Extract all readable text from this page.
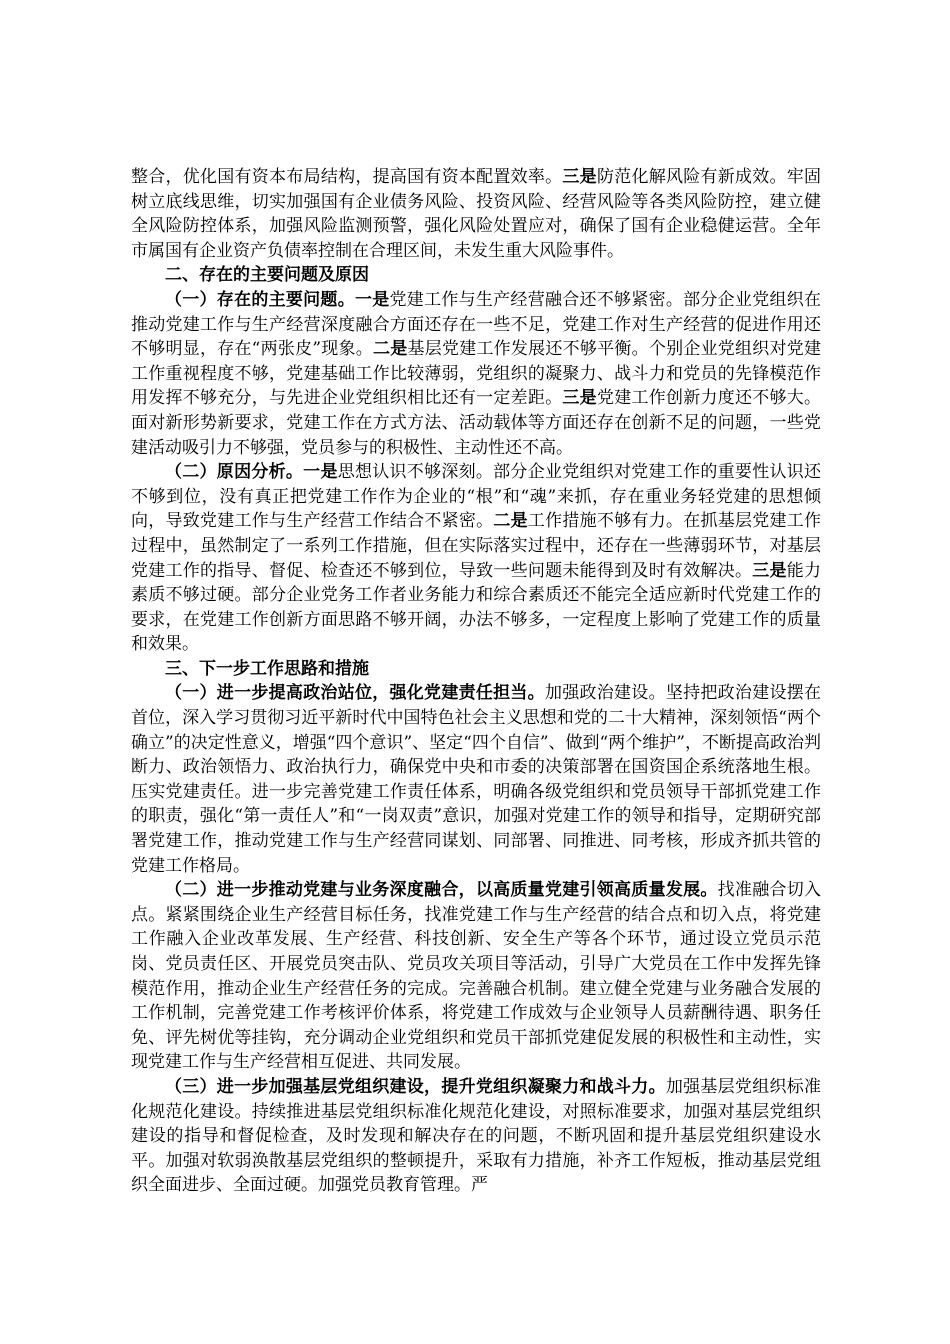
整合，优化国有资本布局结构，提高国有资本配置效率。三是防范化解风险有新成效。牢固树立底线思维，切实加强国有企业债务风险、投资风险、经营风险等各类风险防控，建立健全风险防控体系，加强风险监测预警，强化风险处置应对，确保了国有企业稳健运营。全年市属国有企业资产负债率控制在合理区间，未发生重大风险事件。

二、存在的主要问题及原因

（一）存在的主要问题。一是党建工作与生产经营融合还不够紧密。部分企业党组织在推动党建工作与生产经营深度融合方面还存在一些不足，党建工作对生产经营的促进作用还不够明显，存在“两张皮”现象。二是基层党建工作发展还不够平衡。个别企业党组织对党建工作重视程度不够，党建基础工作比较薄弱，党组织的凝聚力、战斗力和党员的先锋模范作用发挥不够充分，与先进企业党组织相比还有一定差距。三是党建工作创新力度还不够大。面对新形势新要求，党建工作在方式方法、活动载体等方面还存在创新不足的问题，一些党建活动吸引力不够强，党员参与的积极性、主动性还不高。

（二）原因分析。一是思想认识不够深刻。部分企业党组织对党建工作的重要性认识还不够到位，没有真正把党建工作作为企业的“根”和“魂”来抓，存在重业务轻党建的思想倾向，导致党建工作与生产经营工作结合不紧密。二是工作措施不够有力。在抓基层党建工作过程中，虽然制定了一系列工作措施，但在实际落实过程中，还存在一些薄弱环节，对基层党建工作的指导、督促、检查还不够到位，导致一些问题未能得到及时有效解决。三是能力素质不够过硬。部分企业党务工作者业务能力和综合素质还不能完全适应新时代党建工作的要求，在党建工作创新方面思路不够开阔，办法不够多，一定程度上影响了党建工作的质量和效果。

三、下一步工作思路和措施

（一）进一步提高政治站位，强化党建责任担当。加强政治建设。坚持把政治建设摆在首位，深入学习贯彻习近平新时代中国特色社会主义思想和党的二十大精神，深刻领悟“两个确立”的决定性意义，增强“四个意识”、坚定“四个自信”、做到“两个维护”，不断提高政治判断力、政治领悟力、政治执行力，确保党中央和市委的决策部署在国资国企系统落地生根。压实党建责任。进一步完善党建工作责任体系，明确各级党组织和党员领导干部抓党建工作的职责，强化“第一责任人”和“一岗双责”意识，加强对党建工作的领导和指导，定期研究部署党建工作，推动党建工作与生产经营同谋划、同部署、同推进、同考核，形成齐抓共管的党建工作格局。

（二）进一步推动党建与业务深度融合，以高质量党建引领高质量发展。找准融合切入点。紧紧围绕企业生产经营目标任务，找准党建工作与生产经营的结合点和切入点，将党建工作融入企业改革发展、生产经营、科技创新、安全生产等各个环节，通过设立党员示范岗、党员责任区、开展党员突击队、党员攻关项目等活动，引导广大党员在工作中发挥先锋模范作用，推动企业生产经营任务的完成。完善融合机制。建立健全党建与业务融合发展的工作机制，完善党建工作考核评价体系，将党建工作成效与企业领导人员薪酬待遇、职务任免、评先树优等挂钩，充分调动企业党组织和党员干部抓党建促发展的积极性和主动性，实现党建工作与生产经营相互促进、共同发展。

（三）进一步加强基层党组织建设，提升党组织凝聚力和战斗力。加强基层党组织标准化规范化建设。持续推进基层党组织标准化规范化建设，对照标准要求，加强对基层党组织建设的指导和督促检查，及时发现和解决存在的问题，不断巩固和提升基层党组织建设水平。加强对软弱涣散基层党组织的整顿提升，采取有力措施，补齐工作短板，推动基层党组织全面进步、全面过硬。加强党员教育管理。严
